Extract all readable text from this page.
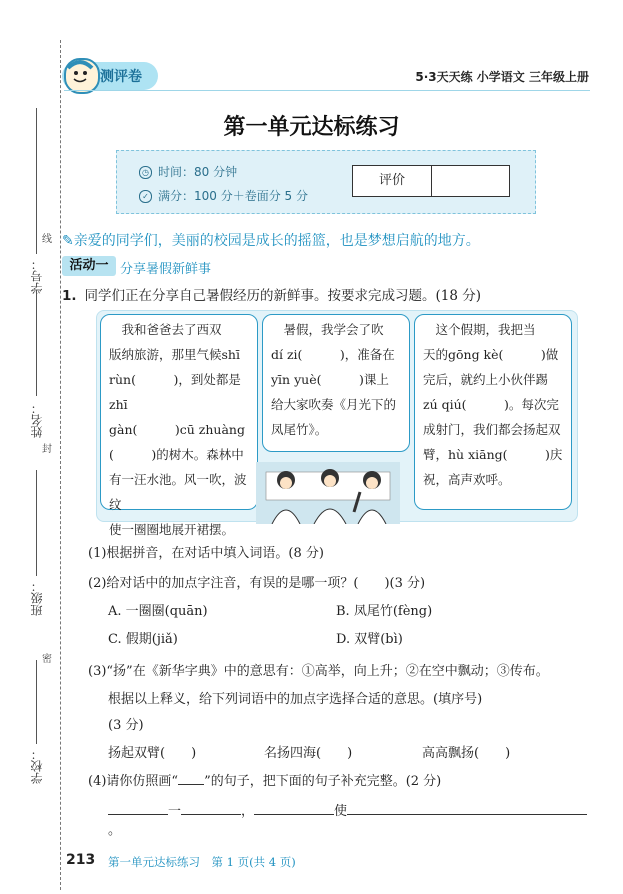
学号：
线
姓名：
封
班级：
密
学校：
测评卷	5·3天天练 小学语文 三年级上册
第一单元达标练习
◷ 时间：80 分钟
✓ 满分：100 分＋卷面分 5 分
评价
✎亲爱的同学们，美丽的校园是成长的摇篮，也是梦想启航的地方。
活动一 分享暑假新鲜事
1. 同学们正在分享自己暑假经历的新鲜事。按要求完成习题。(18 分)
　我和爸爸去了西双
版纳旅游，那里气候shī
rùn(　　　)，到处都是zhī
gàn(　　　)cū zhuàng
(　　　)的树木。森林中
有一汪水池。风一吹，波纹
使一圈圈地展开裙摆。
　暑假，我学会了吹
dí zi(　　　)，准备在
yīn yuè(　　　)课上
给大家吹奏《月光下的
凤尾竹》。
　这个假期，我把当
天的gōng kè(　　　)做
完后，就约上小伙伴踢
zú qiú(　　　)。每次完
成射门，我们都会扬起双
臂，hù xiāng(　　　)庆
祝，高声欢呼。
(1)根据拼音，在对话中填入词语。(8 分)
(2)给对话中的加点字注音，有误的是哪一项？(　　)(3 分)
A. 一圈圈(quān)	B. 凤尾竹(fèng)
C. 假期(jiǎ)	D. 双臂(bì)
(3)“扬”在《新华字典》中的意思有：①高举，向上升；②在空中飘动；③传布。
根据以上释义，给下列词语中的加点字选择合适的意思。(填序号)
(3 分)
扬起双臂(　　)	名扬四海(　　)	高高飘扬(　　)
(4)请你仿照画“ ”的句子，把下面的句子补充完整。(2 分)
一	，	使。
213 第一单元达标练习　第 1 页(共 4 页)
